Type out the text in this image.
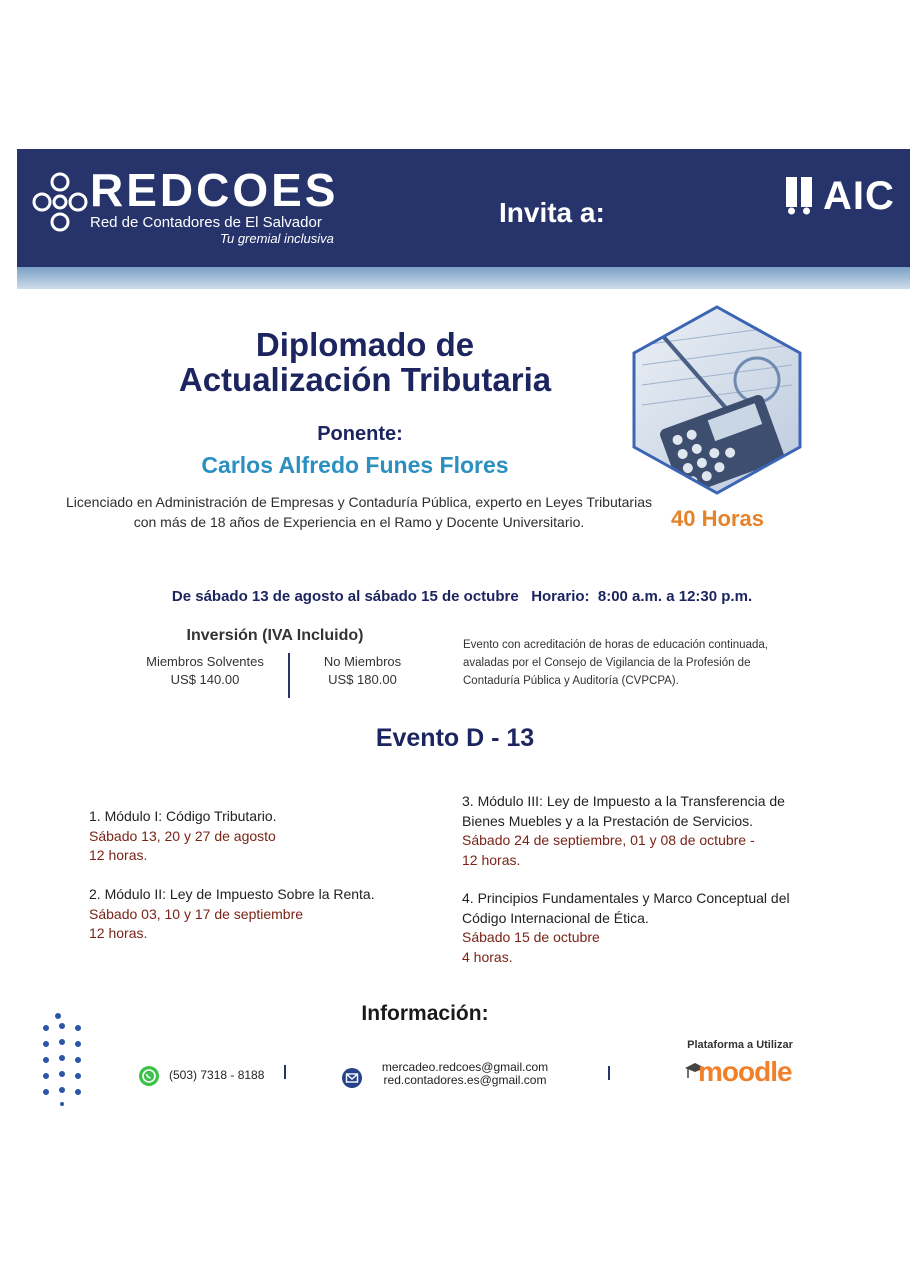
REDCOES
Red de Contadores de El Salvador
Tu gremial inclusiva
Invita a:	AIC
Diplomado de
Actualización Tributaria
40 Horas
Ponente:
Carlos Alfredo Funes Flores
Licenciado en Administración de Empresas y Contaduría Pública, experto en Leyes Tributarias con más de 18 años de Experiencia en el Ramo y Docente Universitario.
De sábado 13 de agosto al sábado 15 de octubre Horario:  8:00 a.m. a 12:30 p.m.
Inversión (IVA Incluido)
Miembros Solventes
US$ 140.00
No Miembros
US$ 180.00
Evento con acreditación de horas de educación continuada, avaladas por el Consejo de Vigilancia de la Profesión de Contaduría Pública y Auditoría (CVPCPA).
Evento D - 13
1. Módulo I: Código Tributario.
Sábado 13, 20 y 27 de agosto
12 horas.
2. Módulo II: Ley de Impuesto Sobre la Renta.
Sábado 03, 10 y 17 de septiembre
12 horas.
3. Módulo III: Ley de Impuesto a la Transferencia de Bienes Muebles y a la Prestación de Servicios.
Sábado 24 de septiembre, 01 y 08 de octubre -
12 horas.
4. Principios Fundamentales y Marco Conceptual del Código Internacional de Ética.
Sábado 15 de octubre
4 horas.
Información:
(503) 7318 - 8188
mercadeo.redcoes@gmail.com
red.contadores.es@gmail.com
Plataforma a Utilizar
moodle
